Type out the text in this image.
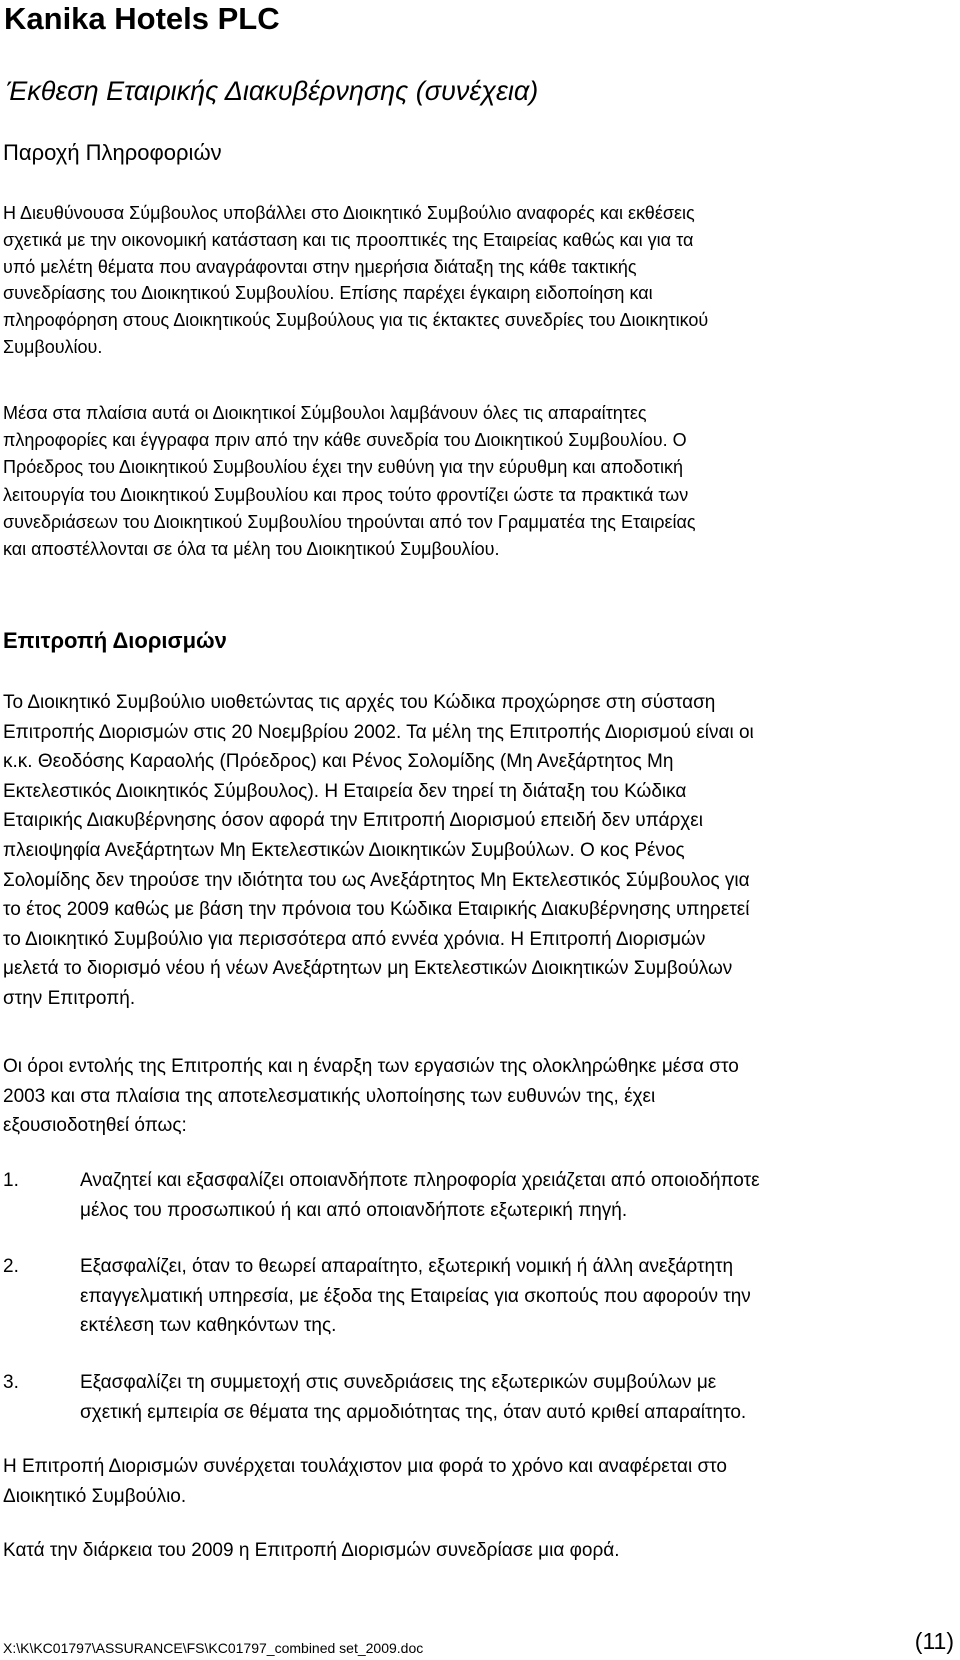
Kanika Hotels PLC
Έκθεση Εταιρικής Διακυβέρνησης (συνέχεια)
Παροχή Πληροφοριών

Η Διευθύνουσα Σύμβουλος υποβάλλει στο Διοικητικό Συμβούλιο αναφορές και εκθέσεις
σχετικά με την οικονομική κατάσταση και τις προοπτικές της Εταιρείας καθώς και για τα
υπό μελέτη θέματα που αναγράφονται στην ημερήσια διάταξη της κάθε τακτικής
συνεδρίασης του Διοικητικού Συμβουλίου. Επίσης παρέχει έγκαιρη ειδοποίηση και
πληροφόρηση στους Διοικητικούς Συμβούλους για τις έκτακτες συνεδρίες του Διοικητικού
Συμβουλίου.

Μέσα στα πλαίσια αυτά οι Διοικητικοί Σύμβουλοι λαμβάνουν όλες τις απαραίτητες
πληροφορίες και έγγραφα πριν από την κάθε συνεδρία του Διοικητικού Συμβουλίου. Ο
Πρόεδρος του Διοικητικού Συμβουλίου έχει την ευθύνη για την εύρυθμη και αποδοτική
λειτουργία του Διοικητικού Συμβουλίου και προς τούτο φροντίζει ώστε τα πρακτικά των
συνεδριάσεων του Διοικητικού Συμβουλίου τηρούνται από τον Γραμματέα της Εταιρείας
και αποστέλλονται σε όλα τα μέλη του Διοικητικού Συμβουλίου.

Επιτροπή Διορισμών

Το Διοικητικό Συμβούλιο υιοθετώντας τις αρχές του Κώδικα προχώρησε στη σύσταση
Επιτροπής Διορισμών στις 20 Νοεμβρίου 2002. Τα μέλη της Επιτροπής Διορισμού είναι οι
κ.κ. Θεοδόσης Καραολής (Πρόεδρος) και Ρένος Σολομίδης (Μη Ανεξάρτητος Μη
Εκτελεστικός Διοικητικός Σύμβουλος). Η Εταιρεία δεν τηρεί τη διάταξη του Κώδικα
Εταιρικής Διακυβέρνησης όσον αφορά την Επιτροπή Διορισμού επειδή δεν υπάρχει
πλειοψηφία Ανεξάρτητων Μη Εκτελεστικών Διοικητικών Συμβούλων. Ο κος Ρένος
Σολομίδης δεν τηρούσε την ιδιότητα του ως Ανεξάρτητος Μη Εκτελεστικός Σύμβουλος για
το έτος 2009 καθώς με βάση την πρόνοια του Κώδικα Εταιρικής Διακυβέρνησης υπηρετεί
το Διοικητικό Συμβούλιο για περισσότερα από εννέα χρόνια. Η Επιτροπή Διορισμών
μελετά το διορισμό νέου ή νέων Ανεξάρτητων μη Εκτελεστικών Διοικητικών Συμβούλων
στην Επιτροπή.

Οι όροι εντολής της Επιτροπής και η έναρξη των εργασιών της ολοκληρώθηκε μέσα στο
2003 και στα πλαίσια της αποτελεσματικής υλοποίησης των ευθυνών της, έχει
εξουσιοδοτηθεί όπως:

1.	Αναζητεί και εξασφαλίζει οποιανδήποτε πληροφορία χρειάζεται από οποιοδήποτε
μέλος του προσωπικού ή και από οποιανδήποτε εξωτερική πηγή.
2.	Εξασφαλίζει, όταν το θεωρεί απαραίτητο, εξωτερική νομική ή άλλη ανεξάρτητη
επαγγελματική υπηρεσία, με έξοδα της Εταιρείας για σκοπούς που αφορούν την
εκτέλεση των καθηκόντων της.
3.	Εξασφαλίζει τη συμμετοχή στις συνεδριάσεις της εξωτερικών συμβούλων με
σχετική εμπειρία σε θέματα της αρμοδιότητας της, όταν αυτό κριθεί απαραίτητο.

Η Επιτροπή Διορισμών συνέρχεται τουλάχιστον μια φορά το χρόνο και αναφέρεται στο
Διοικητικό Συμβούλιο.

Κατά την διάρκεια του 2009 η Επιτροπή Διορισμών συνεδρίασε μια φορά.

X:\K\KC01797\ASSURANCE\FS\KC01797_combined set_2009.doc	(11)
